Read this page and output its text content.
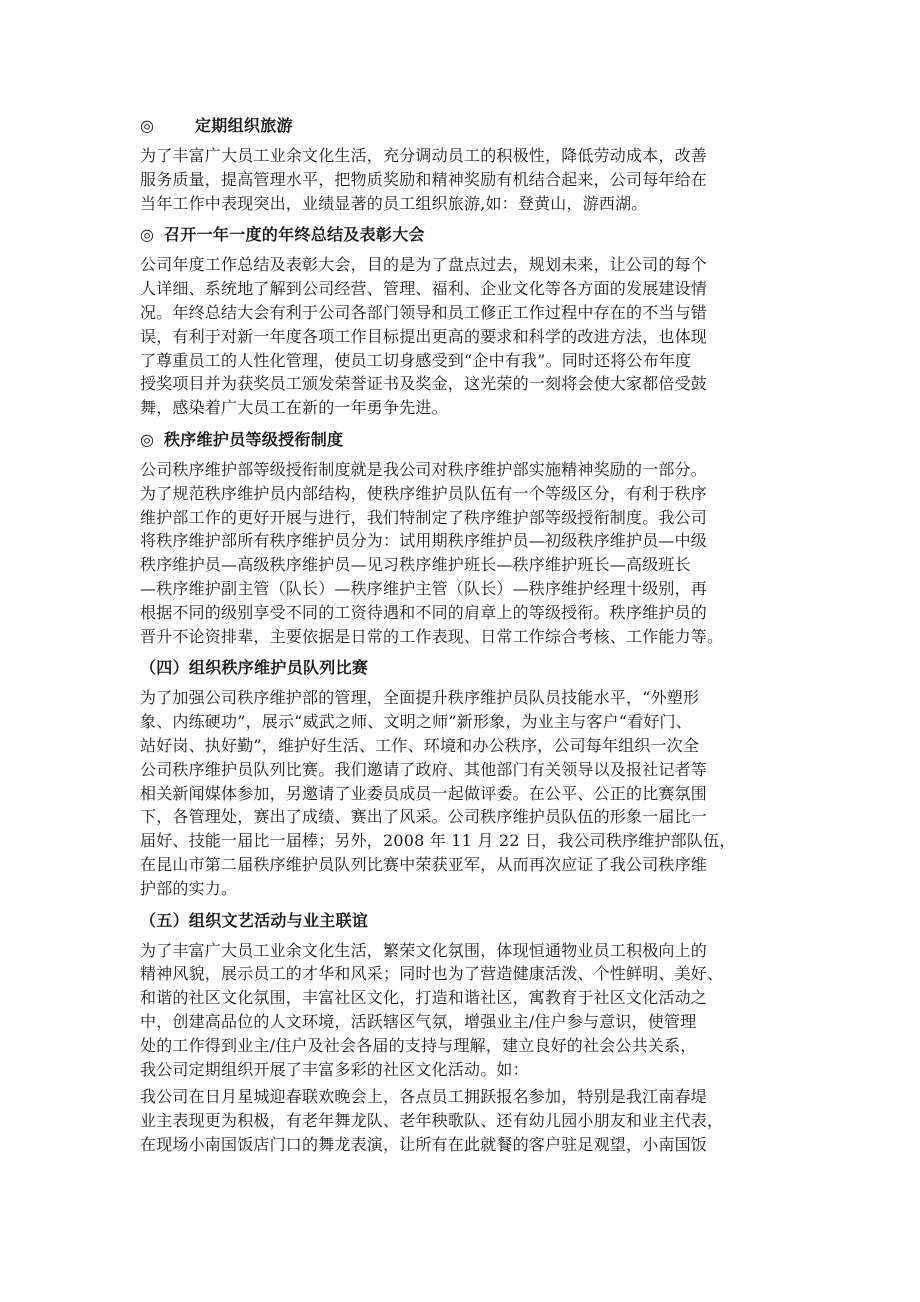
◎	定期组织旅游
为了丰富广大员工业余文化生活，充分调动员工的积极性，降低劳动成本，改善
服务质量，提高管理水平，把物质奖励和精神奖励有机结合起来，公司每年给在
当年工作中表现突出，业绩显著的员工组织旅游,如：登黄山，游西湖。
◎ 召开一年一度的年终总结及表彰大会
公司年度工作总结及表彰大会，目的是为了盘点过去，规划未来，让公司的每个
人详细、系统地了解到公司经营、管理、福利、企业文化等各方面的发展建设情
况。年终总结大会有利于公司各部门领导和员工修正工作过程中存在的不当与错
误，有利于对新一年度各项工作目标提出更高的要求和科学的改进方法，也体现
了尊重员工的人性化管理，使员工切身感受到“企中有我”。同时还将公布年度
授奖项目并为获奖员工颁发荣誉证书及奖金，这光荣的一刻将会使大家都倍受鼓
舞，感染着广大员工在新的一年勇争先进。
◎ 秩序维护员等级授衔制度
公司秩序维护部等级授衔制度就是我公司对秩序维护部实施精神奖励的一部分。
为了规范秩序维护员内部结构，使秩序维护员队伍有一个等级区分，有利于秩序
维护部工作的更好开展与进行，我们特制定了秩序维护部等级授衔制度。我公司
将秩序维护部所有秩序维护员分为：试用期秩序维护员—初级秩序维护员—中级
秩序维护员—高级秩序维护员—见习秩序维护班长—秩序维护班长—高级班长
—秩序维护副主管（队长）—秩序维护主管（队长）—秩序维护经理十级别，再
根据不同的级别享受不同的工资待遇和不同的肩章上的等级授衔。秩序维护员的
晋升不论资排辈，主要依据是日常的工作表现、日常工作综合考核、工作能力等。
（四）组织秩序维护员队列比赛
为了加强公司秩序维护部的管理，全面提升秩序维护员队员技能水平，“外塑形
象、内练硬功”，展示“威武之师、文明之师”新形象，为业主与客户“看好门、
站好岗、执好勤”，维护好生活、工作、环境和办公秩序，公司每年组织一次全
公司秩序维护员队列比赛。我们邀请了政府、其他部门有关领导以及报社记者等
相关新闻媒体参加，另邀请了业委员成员一起做评委。在公平、公正的比赛氛围
下，各管理处，赛出了成绩、赛出了风采。公司秩序维护员队伍的形象一届比一
届好、技能一届比一届棒；另外，2008 年 11 月 22 日，我公司秩序维护部队伍，
在昆山市第二届秩序维护员队列比赛中荣获亚军，从而再次应证了我公司秩序维
护部的实力。
（五）组织文艺活动与业主联谊
为了丰富广大员工业余文化生活，繁荣文化氛围，体现恒通物业员工积极向上的
精神风貌，展示员工的才华和风采；同时也为了营造健康活泼、个性鲜明、美好、
和谐的社区文化氛围，丰富社区文化，打造和谐社区，寓教育于社区文化活动之
中，创建高品位的人文环境，活跃辖区气氛，增强业主/住户参与意识，使管理
处的工作得到业主/住户及社会各届的支持与理解，建立良好的社会公共关系，
我公司定期组织开展了丰富多彩的社区文化活动。如：
我公司在日月星城迎春联欢晚会上，各点员工拥跃报名参加，特别是我江南春堤
业主表现更为积极，有老年舞龙队、老年秧歌队、还有幼儿园小朋友和业主代表，
在现场小南国饭店门口的舞龙表演，让所有在此就餐的客户驻足观望，小南国饭
